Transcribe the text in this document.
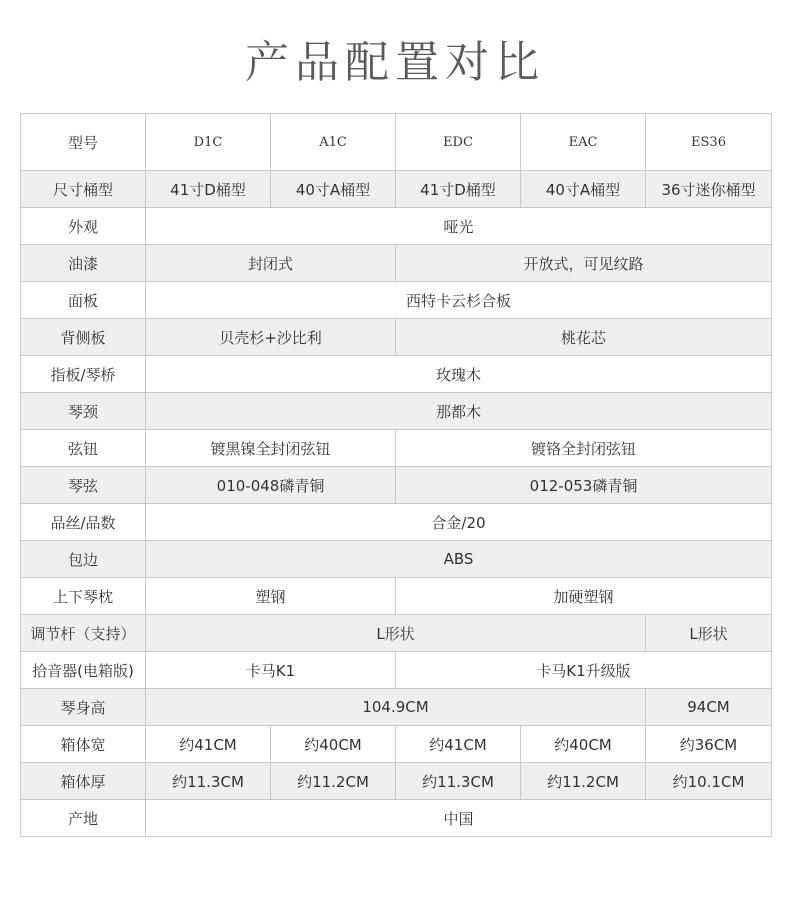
产品配置对比
型号	D1C	A1C	EDC	EAC	ES36
尺寸桶型	41寸D桶型	40寸A桶型	41寸D桶型	40寸A桶型	36寸迷你桶型
外观	哑光				
油漆	封闭式		开放式，可见纹路		
面板	西特卡云杉合板				
背侧板	贝壳杉+沙比利		桃花芯		
指板/琴桥	玫瑰木				
琴颈	那都木				
弦钮	镀黑镍全封闭弦钮		镀铬全封闭弦钮		
琴弦	010-048磷青铜		012-053磷青铜		
品丝/品数	合金/20				
包边	ABS				
上下琴枕	塑钢		加硬塑钢		
调节杆（支持）	L形状				L形状
拾音器(电箱版)	卡马K1		卡马K1升级版		
琴身高	104.9CM				94CM
箱体宽	约41CM	约40CM	约41CM	约40CM	约36CM
箱体厚	约11.3CM	约11.2CM	约11.3CM	约11.2CM	约10.1CM
产地	中国				
